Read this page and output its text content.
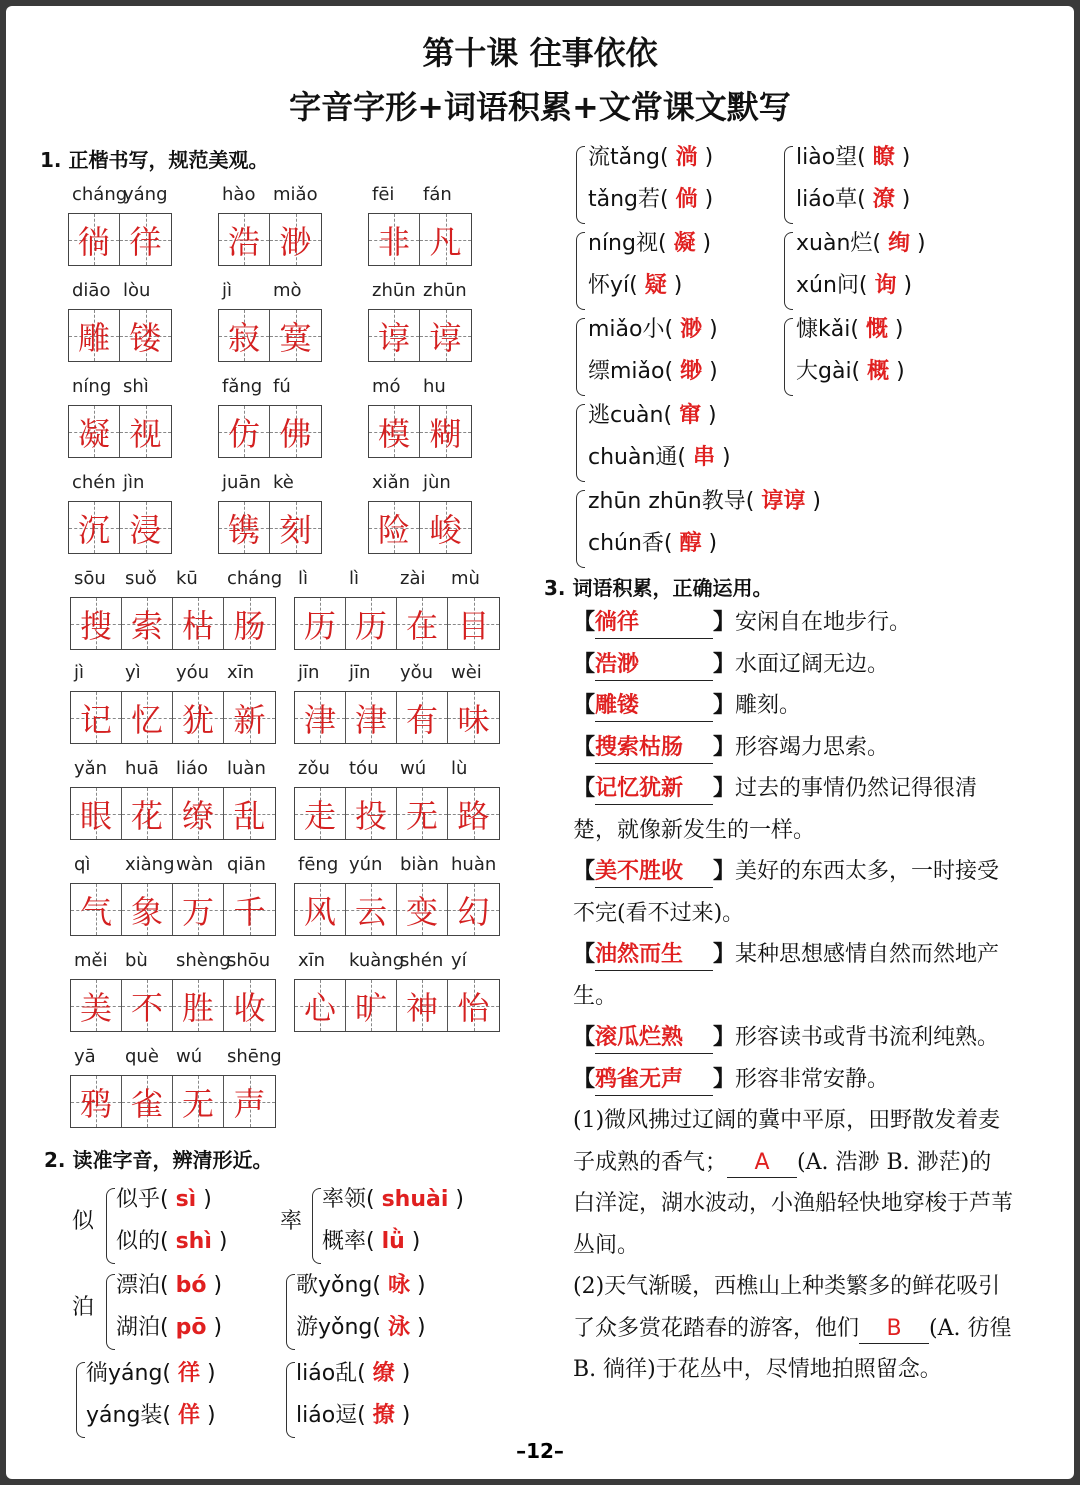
第十课 往事依依
字音字形+词语积累+文常课文默写
1. 正楷书写，规范美观。
cháng
yáng
徜 徉
hào miǎo
浩 渺
fēi fán
非 凡
diāo lòu
雕 镂
jì mò
寂 寞
zhūn zhūn
谆 谆
níng shì
凝 视
fǎng fú
仿 佛
mó hu
模 糊
chén jìn
沉 浸
juān kè
镌 刻
xiǎn jùn
险 峻
sōu suǒ kū cháng
搜 索 枯 肠
lì lì zài mù
历 历 在 目
jì yì yóu xīn
记 忆 犹 新
jīn jīn yǒu wèi
津 津 有 味
yǎn huā liáo luàn
眼 花 缭 乱
zǒu tóu wú lù
走 投 无 路
qì xiàng wàn qiān
气 象 万 千
fēng yún biàn huàn
风 云 变 幻
měi bù shèng
shōu
美 不 胜 收
xīn kuàng
shén yí
心 旷 神 怡
yā què wú shēng
鸦 雀 无 声
2. 读准字音，辨清形近。
似
似乎( sì )
似的( shì )
率
率领( shuài )
概率( lǜ )
泊
漂泊( bó )
湖泊( pō )
歌yǒng( 咏 )
游yǒng( 泳 )
徜yáng( 徉 )
yáng装( 佯 )
liáo乱( 缭 )
liáo逗( 撩 )
流tǎng( 淌 )
tǎng若( 倘 )
liào望( 瞭 )
liáo草( 潦 )
níng视( 凝 )
怀yí( 疑 )
xuàn烂( 绚 )
xún问( 询 )
miǎo小( 渺 )
缥miǎo( 缈 )
慷kǎi( 慨 )
大gài( 概 )
逃cuàn( 窜 )
chuàn通( 串 )
zhūn zhūn教导( 谆谆 )
chún香( 醇 )
3. 词语积累，正确运用。
【徜徉	】安闲自在地步行。
【浩渺	】水面辽阔无边。
【雕镂	】雕刻。
【搜索枯肠 】形容竭力思索。
【记忆犹新 】过去的事情仍然记得很清楚，就像新发生的一样。
【美不胜收 】美好的东西太多，一时接受不完(看不过来)。
【油然而生 】某种思想感情自然而然地产生。
【滚瓜烂熟 】形容读书或背书流利纯熟。
【鸦雀无声 】形容非常安静。
(1)微风拂过辽阔的冀中平原，田野散发着麦子成熟的香气； A (A. 浩渺 B. 渺茫)的白洋淀，湖水波动，小渔船轻快地穿梭于芦苇丛间。
(2)天气渐暖，西樵山上种类繁多的鲜花吸引了众多赏花踏春的游客，他们 B (A. 彷徨 B. 徜徉)于花丛中，尽情地拍照留念。
–12–
